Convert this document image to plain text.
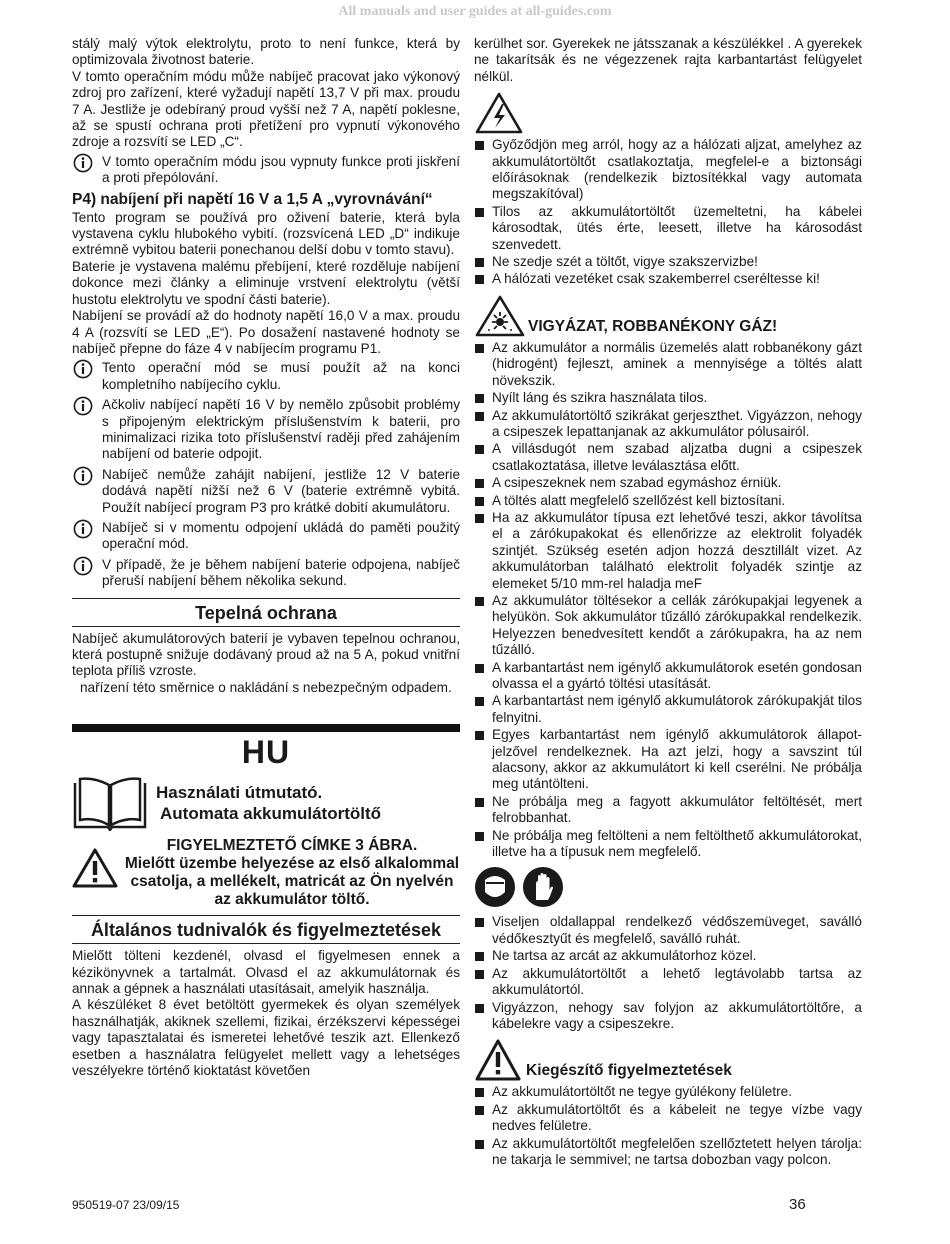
All manuals and user guides at all-guides.com

stálý malý výtok elektrolytu, proto to není funkce, která by optimizovala životnost baterie.

V tomto operačním módu může nabíječ pracovat jako výkonový zdroj pro zařízení, které vyžadují napětí 13,7 V při max. proudu 7 A. Jestliže je odebíraný proud vyšší než 7 A, napětí poklesne, až se spustí ochrana proti přetížení pro vypnutí výkonového zdroje a rozsvítí se LED „C“.

V tomto operačním módu jsou vypnuty funkce proti jiskření a proti přepólování.

P4) nabíjení při napětí 16 V a 1,5 A „vyrovnávání“

Tento program se používá pro oživení baterie, která byla vystavena cyklu hlubokého vybití. (rozsvícená LED „D“ indikuje extrémně vybitou baterii ponechanou delší dobu v tomto stavu).

Baterie je vystavena malému přebíjení, které rozděluje nabíjení dokonce mezi články a eliminuje vrstvení elektrolytu (větší hustotu elektrolytu ve spodní části baterie).

Nabíjení se provádí až do hodnoty napětí 16,0 V a max. proudu 4 A (rozsvítí se LED „E“). Po dosažení nastavené hodnoty se nabíječ přepne do fáze 4 v nabíjecím programu P1.

Tento operační mód se musí použít až na konci kompletního nabíjecího cyklu.

Ačkoliv nabíjecí napětí 16 V by nemělo způsobit problémy s připojeným elektrickým příslušenstvím k baterii, pro minimalizaci rizika toto příslušenství raději před zahájením nabíjení od baterie odpojit.

Nabíječ nemůže zahájit nabíjení, jestliže 12 V baterie dodává napětí nižší než 6 V (baterie extrémně vybitá. Použít nabíjecí program P3 pro krátké dobití akumulátoru.

Nabíječ si v momentu odpojení ukládá do paměti použitý operační mód.

V případě, že je během nabíjení baterie odpojena, nabíječ přeruší nabíjení během několika sekund.

Tepelná ochrana

Nabíječ akumulátorových baterií je vybaven tepelnou ochranou, která postupně snižuje dodávaný proud až na 5 A, pokud vnitřní teplota příliš vzroste.

nařízení této směrnice o nakládání s nebezpečným odpadem.

HU
Használati útmutató.
Automata akkumulátortöltő
FIGYELMEZTETŐ CÍMKE 3 ÁBRA.
Mielőtt üzembe helyezése az első alkalommal csatolja, a mellékelt, matricát az Ön nyelvén az akkumulátor töltő.
Általános tudnivalók és figyelmeztetések

Mielőtt tölteni kezdenél, olvasd el figyelmesen ennek a kézikönyvnek a tartalmát. Olvasd el az akkumulátornak és annak a gépnek a használati utasításait, amelyik használja.

A készüléket 8 évet betöltött gyermekek és olyan személyek használhatják, akiknek szellemi, fizikai, érzékszervi képességei vagy tapasztalatai és ismeretei lehetővé teszik azt. Ellenkező esetben a használatra felügyelet mellett vagy a lehetséges veszélyekre történő kioktatást követően

kerülhet sor. Gyerekek ne játsszanak a készülékkel . A gyerekek ne takarítsák és ne végezzenek rajta karbantartást felügyelet nélkül.

Győződjön meg arról, hogy az a hálózati aljzat, amelyhez az akkumulátortöltőt csatlakoztatja, megfelel-e a biztonsági előírásoknak (rendelkezik biztosítékkal vagy automata megszakítóval)
Tilos az akkumulátortöltőt üzemeltetni, ha kábelei károsodtak, ütés érte, leesett, illetve ha károsodást szenvedett.
Ne szedje szét a töltőt, vigye szakszervizbe!
A hálózati vezetéket csak szakemberrel cseréltesse ki!
VIGYÁZAT, ROBBANÉKONY GÁZ!
Az akkumulátor a normális üzemelés alatt robbanékony gázt (hidrogént) fejleszt, aminek a mennyisége a töltés alatt növekszik.
Nyílt láng és szikra használata tilos.
Az akkumulátortöltő szikrákat gerjeszthet. Vigyázzon, nehogy a csipeszek lepattanjanak az akkumulátor pólusairól.
A villásdugót nem szabad aljzatba dugni a csipeszek csatlakoztatása, illetve leválasztása előtt.
A csipeszeknek nem szabad egymáshoz érniük.
A töltés alatt megfelelő szellőzést kell biztosítani.
Ha az akkumulátor típusa ezt lehetővé teszi, akkor távolítsa el a zárókupakokat és ellenőrizze az elektrolit folyadék szintjét. Szükség esetén adjon hozzá desztillált vizet. Az akkumulátorban található elektrolit folyadék szintje az elemeket 5/10 mm-rel haladja meF
Az akkumulátor töltésekor a cellák zárókupakjai legyenek a helyükön. Sok akkumulátor tűzálló zárókupakkal rendelkezik. Helyezzen benedvesített kendőt a zárókupakra, ha az nem tűzálló.
A karbantartást nem igénylő akkumulátorok esetén gondosan olvassa el a gyártó töltési utasítását.
A karbantartást nem igénylő akkumulátorok zárókupakját tilos felnyitni.
Egyes karbantartást nem igénylő akkumulátorok állapot-jelzővel rendelkeznek. Ha azt jelzi, hogy a savszint túl alacsony, akkor az akkumulátort ki kell cserélni. Ne próbálja meg utántölteni.
Ne próbálja meg a fagyott akkumulátor feltöltését, mert felrobbanhat.
Ne próbálja meg feltölteni a nem feltölthető akkumulátorokat, illetve ha a típusuk nem megfelelő.
Viseljen oldallappal rendelkező védőszemüveget, saválló védőkesztyűt és megfelelő, saválló ruhát.
Ne tartsa az arcát az akkumulátorhoz közel.
Az akkumulátortöltőt a lehető legtávolabb tartsa az akkumulátortól.
Vigyázzon, nehogy sav folyjon az akkumulátortöltőre, a kábelekre vagy a csipeszekre.
Kiegészítő figyelmeztetések
Az akkumulátortöltőt ne tegye gyúlékony felületre.
Az akkumulátortöltőt és a kábeleit ne tegye vízbe vagy nedves felületre.
Az akkumulátortöltőt megfelelően szellőztetett helyen tárolja: ne takarja le semmivel; ne tartsa dobozban vagy polcon.
950519-07 23/09/15	36
